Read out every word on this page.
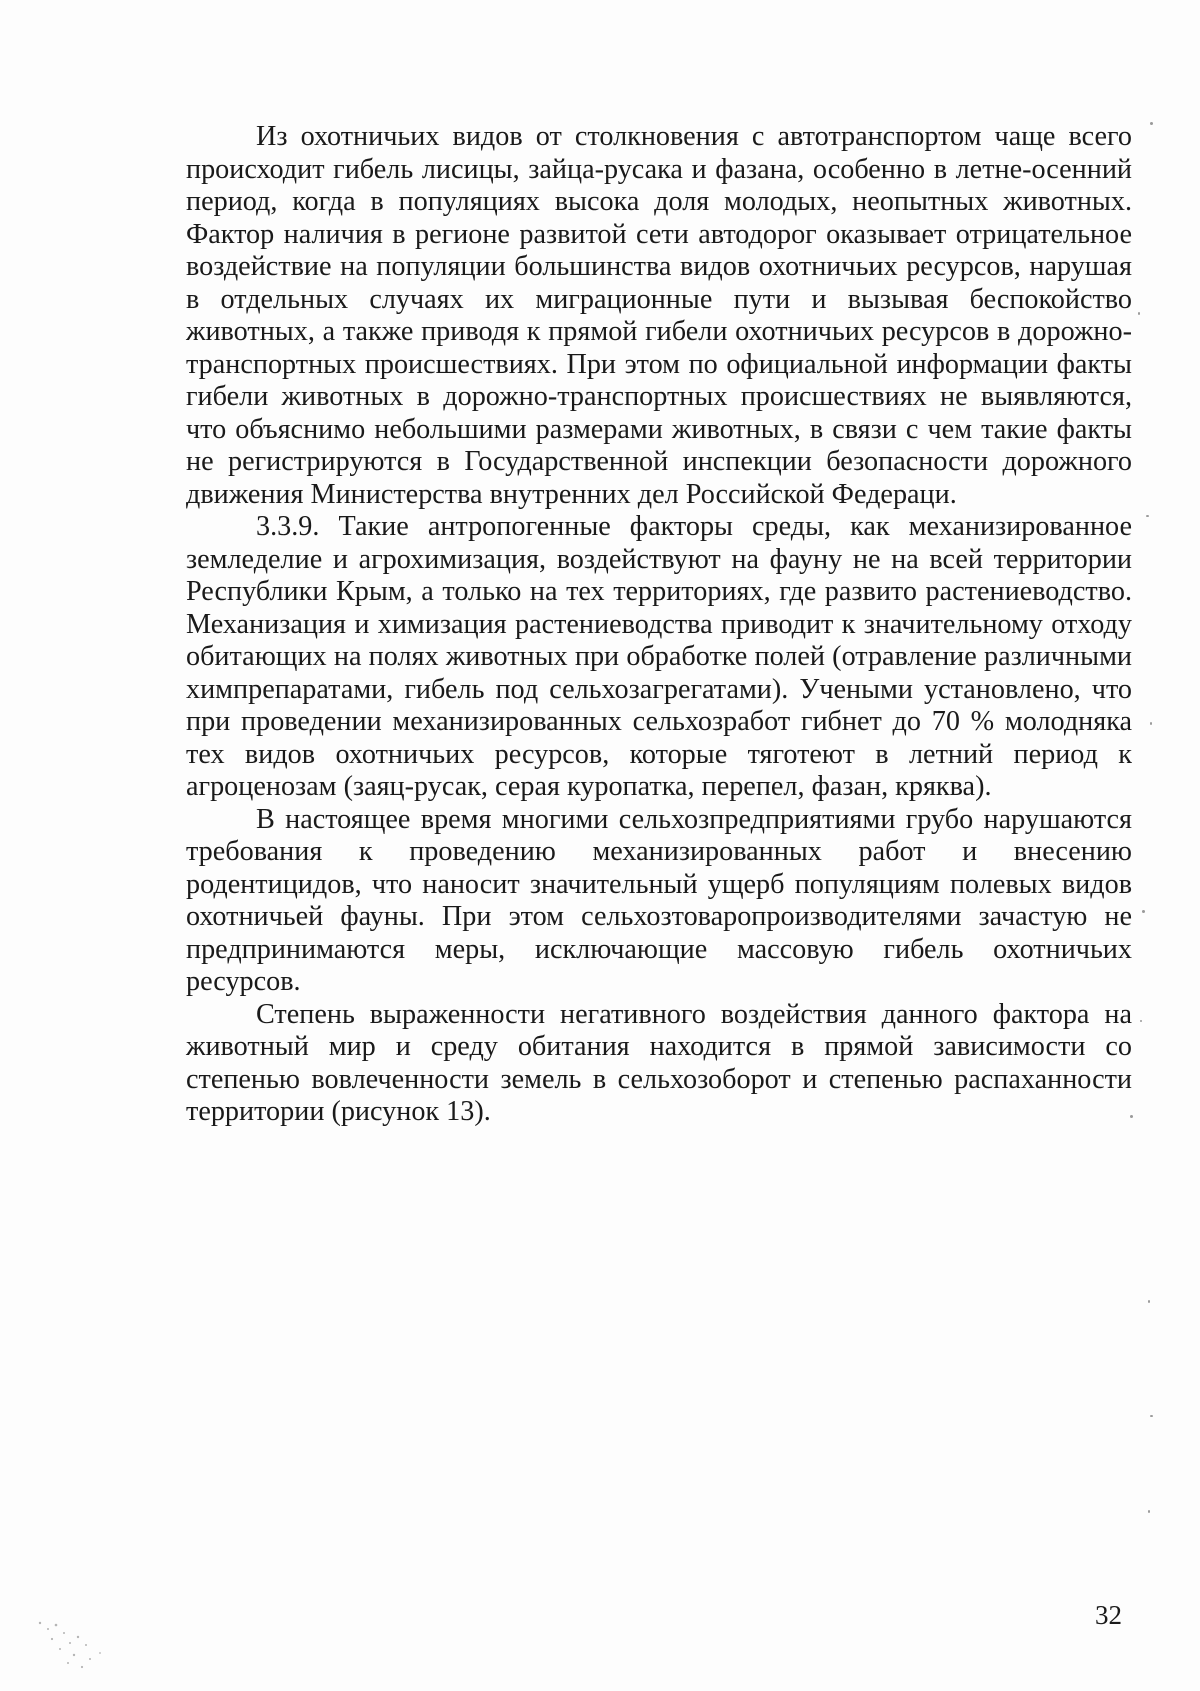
Из охотничьих видов от столкновения с автотранспортом чаще всего происходит гибель лисицы, зайца-русака и фазана, особенно в летне-осенний период, когда в популяциях высока доля молодых, неопытных животных. Фактор наличия в регионе развитой сети автодорог оказывает отрицательное воздействие на популяции большинства видов охотничьих ресурсов, нарушая в отдельных случаях их миграционные пути и вызывая беспокойство животных, а также приводя к прямой гибели охотничьих ресурсов в дорожно-транспортных происшествиях. При этом по официальной информации факты гибели животных в дорожно-транспортных происшествиях не выявляются, что объяснимо небольшими размерами животных, в связи с чем такие факты не регистрируются в Государственной инспекции безопасности дорожного движения Министерства внутренних дел Российской Федераци.

3.3.9. Такие антропогенные факторы среды, как механизированное земледелие и агрохимизация, воздействуют на фауну не на всей территории Республики Крым, а только на тех территориях, где развито растениеводство. Механизация и химизация растениеводства приводит к значительному отходу обитающих на полях животных при обработке полей (отравление различными химпрепаратами, гибель под сельхозагрегатами). Учеными установлено, что при проведении механизированных сельхозработ гибнет до 70 % молодняка тех видов охотничьих ресурсов, которые тяготеют в летний период к агроценозам (заяц-русак, серая куропатка, перепел, фазан, кряква).

В настоящее время многими сельхозпредприятиями грубо нарушаются требования к проведению механизированных работ и внесению родентицидов, что наносит значительный ущерб популяциям полевых видов охотничьей фауны. При этом сельхозтоваропроизводителями зачастую не предпринимаются меры, исключающие массовую гибель охотничьих ресурсов.

Степень выраженности негативного воздействия данного фактора на животный мир и среду обитания находится в прямой зависимости со степенью вовлеченности земель в сельхозоборот и степенью распаханности территории (рисунок 13).

32
